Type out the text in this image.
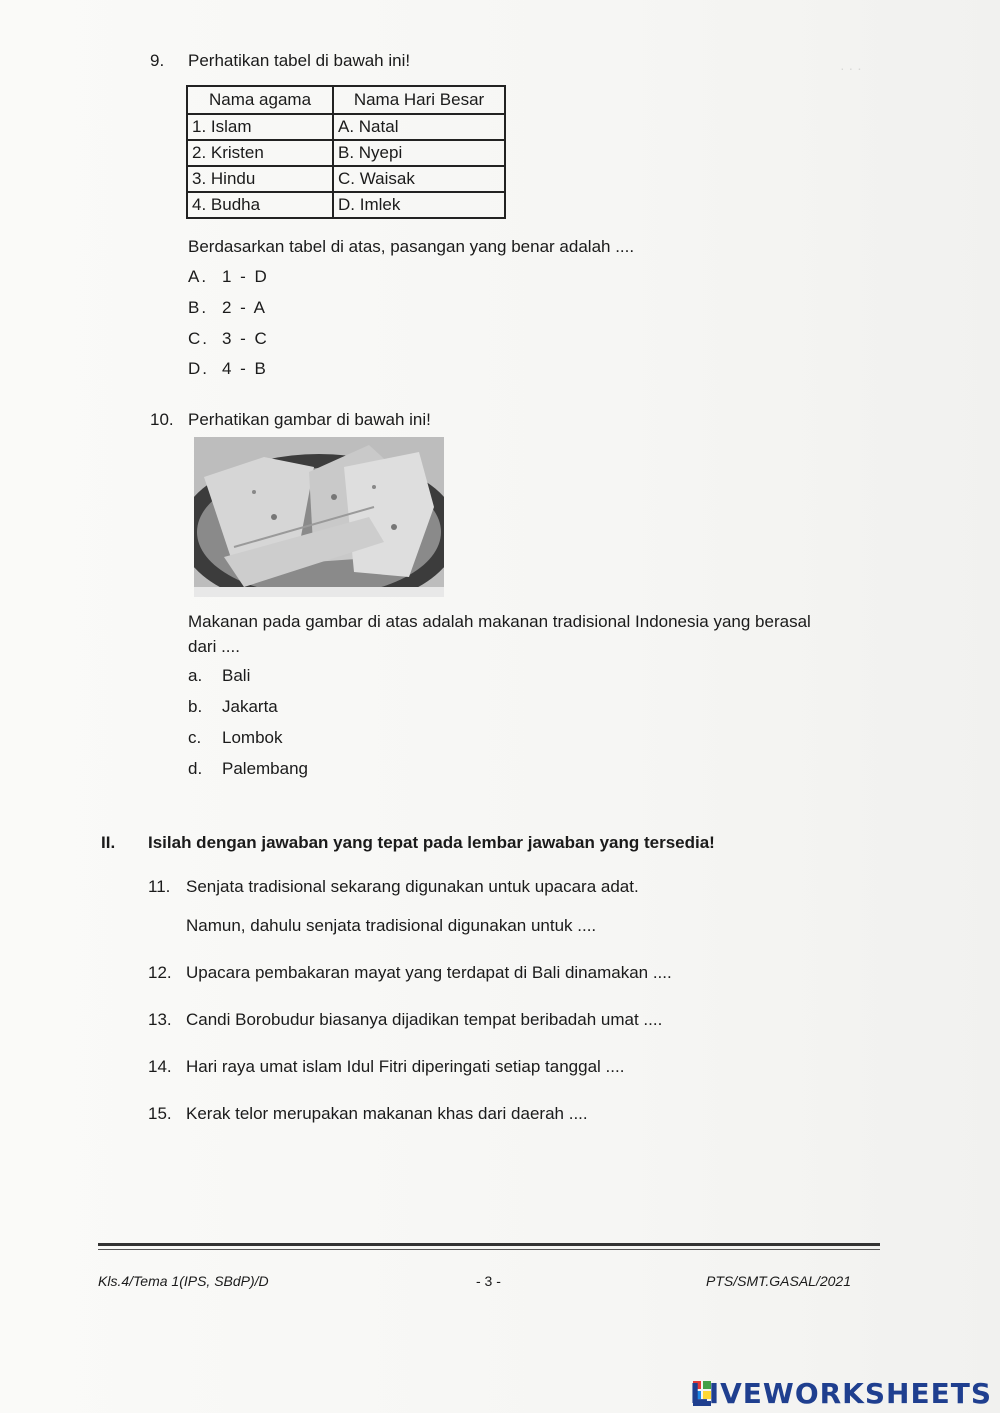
· · ·
9. Perhatikan tabel di bawah ini!
Nama agama	Nama Hari Besar
1. Islam	A. Natal
2. Kristen	B. Nyepi
3. Hindu	C. Waisak
4. Budha	D. Imlek
Berdasarkan tabel di atas, pasangan yang benar adalah ....
A. 1 - D
B. 2 - A
C. 3 - C
D. 4 - B
10. Perhatikan gambar di bawah ini!
Makanan pada gambar di atas adalah makanan tradisional Indonesia yang berasal
dari ....
a. Bali
b. Jakarta
c. Lombok
d. Palembang
II. Isilah dengan jawaban yang tepat pada lembar jawaban yang tersedia!
11. Senjata tradisional sekarang digunakan untuk upacara adat.
Namun, dahulu senjata tradisional digunakan untuk ....
12. Upacara pembakaran mayat yang terdapat di Bali dinamakan ....
13. Candi Borobudur biasanya dijadikan tempat beribadah umat ....
14. Hari raya umat islam Idul Fitri diperingati setiap tanggal ....
15. Kerak telor merupakan makanan khas dari daerah ....
Kls.4/Tema 1(IPS, SBdP)/D	- 3 -	PTS/SMT.GASAL/2021
LIVEWORKSHEETS
